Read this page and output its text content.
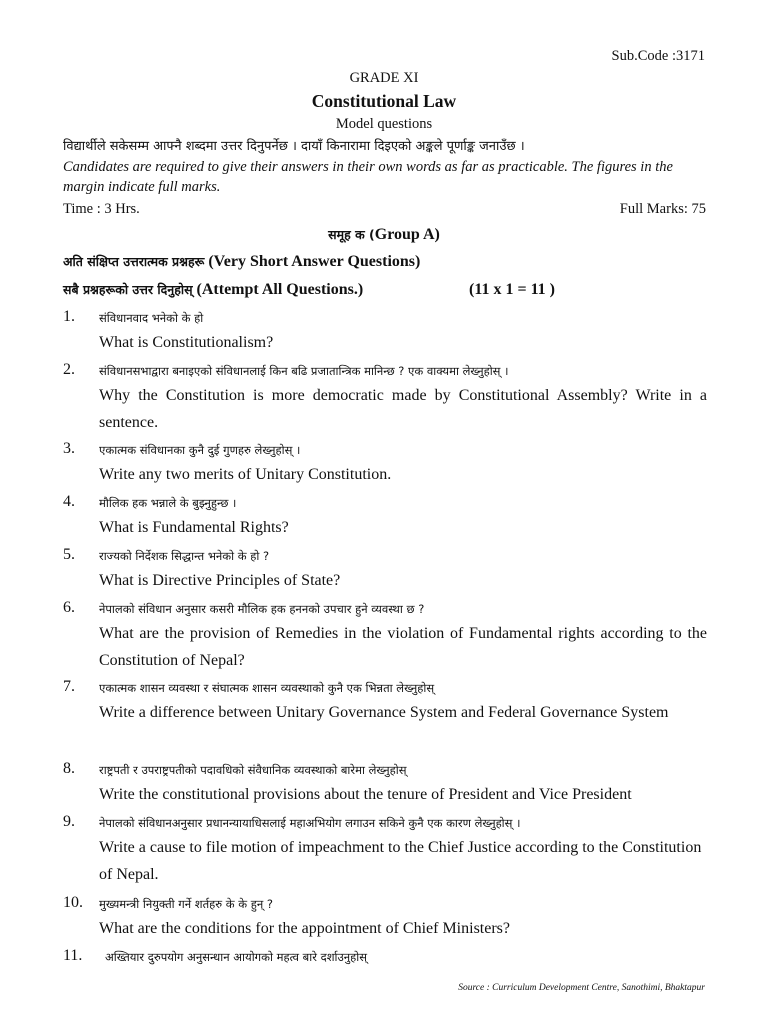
Sub.Code :3171
GRADE XI
Constitutional Law
Model questions
विद्यार्थीले सकेसम्म आफ्नै शब्दमा उत्तर दिनुपर्नेछ । दायाँ किनारामा दिइएको अङ्कले पूर्णाङ्क जनाउँछ ।
Candidates are required to give their answers in their own words as far as practicable. The figures in the margin indicate full marks.
Time : 3 Hrs.	Full Marks: 75
समूह क (Group A)
अति संक्षिप्त उत्तरात्मक प्रश्नहरू (Very Short Answer Questions)
सबै प्रश्नहरूको उत्तर दिनुहोस् (Attempt All Questions.)	(11 x 1 = 11 )
1. संविधानवाद भनेको के हो
What is Constitutionalism?
2. संविधानसभाद्वारा बनाइएको संविधानलाई किन बढि प्रजातान्त्रिक मानिन्छ ? एक वाक्यमा लेख्नुहोस् ।
Why the Constitution is more democratic made by Constitutional Assembly? Write in a sentence.
3. एकात्मक संविधानका कुनै दुई गुणहरु लेख्नुहोस् ।
Write any two merits of Unitary Constitution.
4. मौलिक हक भन्नाले के बुझ्नुहुन्छ ।
What is Fundamental Rights?
5. राज्यको निर्देशक सिद्धान्त भनेको के हो ?
What is Directive Principles of State?
6. नेपालको संविधान अनुसार कसरी मौलिक हक हननको उपचार हुने व्यवस्था छ ?
What are the provision of Remedies in the violation of Fundamental rights according to the Constitution of Nepal?
7. एकात्मक शासन व्यवस्था र संघात्मक शासन व्यवस्थाको कुनै एक भिन्नता लेख्नुहोस्
Write a difference between Unitary Governance System and Federal Governance System
8. राष्ट्रपती र उपराष्ट्रपतीको पदावधिको संवैधानिक व्यवस्थाको बारेमा लेख्नुहोस्
Write the constitutional provisions about the tenure of President and Vice President
9. नेपालको संविधानअनुसार प्रधानन्यायाधिसलाई महाअभियोग लगाउन सकिने कुनै एक कारण लेख्नुहोस् ।
Write a cause to file motion of impeachment to the Chief Justice according to the Constitution of Nepal.
10. मुख्यमन्त्री नियुक्ती गर्ने शर्तहरु के के हुन् ?
What are the conditions for the appointment of Chief Ministers?
11. अख्तियार दुरुपयोग अनुसन्धान आयोगको महत्व बारे दर्शाउनुहोस्
Source : Curriculum Development Centre, Sanothimi, Bhaktapur
